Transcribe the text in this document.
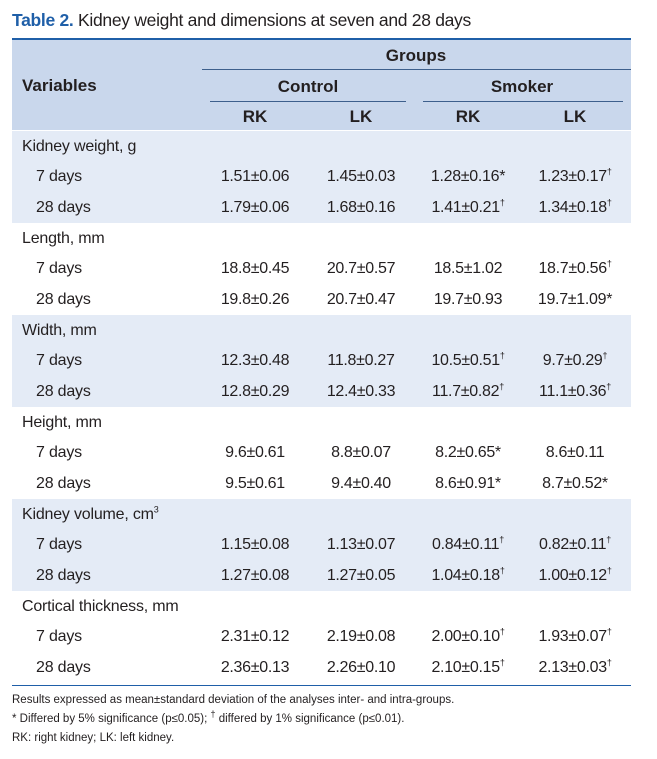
Table 2. Kidney weight and dimensions at seven and 28 days
Variables
Groups
Control	Smoker
RK	LK	RK	LK
Kidney weight, g
7 days	1.51±0.06 1.45±0.03 1.28±0.16* 1.23±0.17†
28 days	1.79±0.06 1.68±0.16 1.41±0.21† 1.34±0.18†
Length, mm
7 days	18.8±0.45 20.7±0.57 18.5±1.02 18.7±0.56†
28 days	19.8±0.26 20.7±0.47 19.7±0.93 19.7±1.09*
Width, mm
7 days	12.3±0.48 11.8±0.27 10.5±0.51† 9.7±0.29†
28 days	12.8±0.29 12.4±0.33 11.7±0.82† 11.1±0.36†
Height, mm
7 days	9.6±0.61	8.8±0.07	8.2±0.65*	8.6±0.11
28 days	9.5±0.61	9.4±0.40	8.6±0.91*	8.7±0.52*
Kidney volume, $cm^3$
7 days	1.15±0.08 1.13±0.07 0.84±0.11† 0.82±0.11†
28 days	1.27±0.08 1.27±0.05 1.04±0.18† 1.00±0.12†
Cortical thickness, mm
7 days	2.31±0.12 2.19±0.08 2.00±0.10† 1.93±0.07†
28 days	2.36±0.13 2.26±0.10 2.10±0.15† 2.13±0.03†
Results expressed as mean±standard deviation of the analyses inter- and intra-groups.
* Differed by 5% significance (p≤0.05); † differed by 1% significance (p≤0.01).
RK: right kidney; LK: left kidney.
